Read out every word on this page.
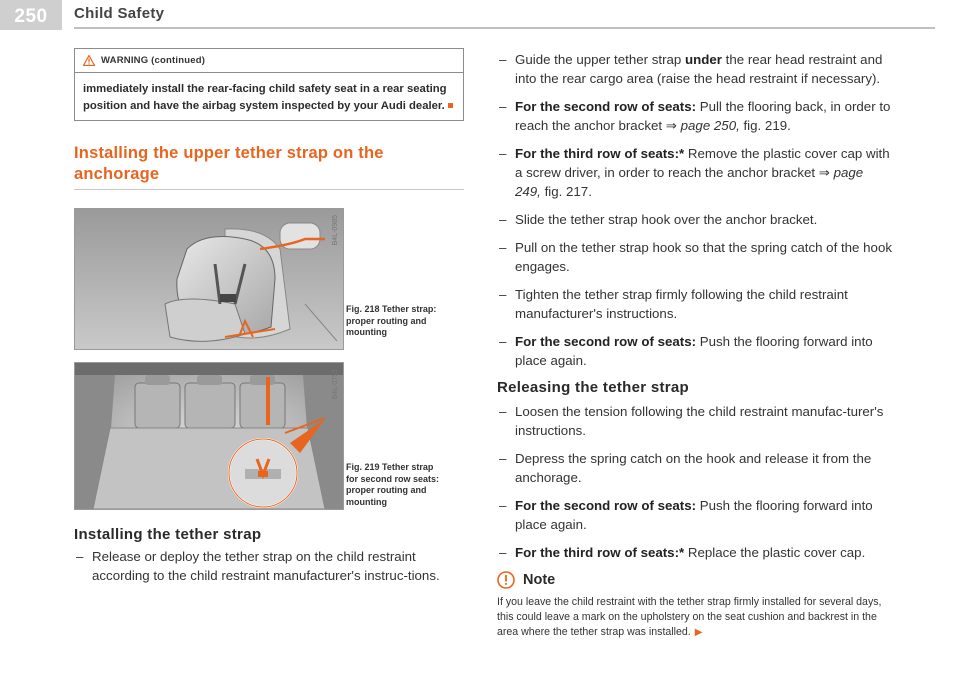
250	Child Safety
WARNING (continued)
immediately install the rear-facing child safety seat in a rear seating position and have the airbag system inspected by your Audi dealer.
Installing the upper tether strap on the
anchorage
B4L-0985
Fig. 218 Tether strap:
proper routing and
mounting
B4L-0751
Fig. 219 Tether strap
for second row seats:
proper routing and
mounting
Installing the tether strap
– Release or deploy the tether strap on the child restraint according to the child restraint manufacturer's instruc-tions.
– Guide the upper tether strap under the rear head restraint and into the rear cargo area (raise the head restraint if necessary).
– For the second row of seats: Pull the flooring back, in order to reach the anchor bracket ⇒ page 250, fig. 219.
– For the third row of seats:* Remove the plastic cover cap with a screw driver, in order to reach the anchor bracket ⇒ page 249, fig. 217.
– Slide the tether strap hook over the anchor bracket.
– Pull on the tether strap hook so that the spring catch of the hook engages.
– Tighten the tether strap firmly following the child restraint manufacturer's instructions.
– For the second row of seats: Push the flooring forward into place again.
Releasing the tether strap
– Loosen the tension following the child restraint manufac-turer's instructions.
– Depress the spring catch on the hook and release it from the anchorage.
– For the second row of seats: Push the flooring forward into place again.
– For the third row of seats:* Replace the plastic cover cap.
Note
If you leave the child restraint with the tether strap firmly installed for several days, this could leave a mark on the upholstery on the seat cushion and backrest in the area where the tether strap was installed. ▶
